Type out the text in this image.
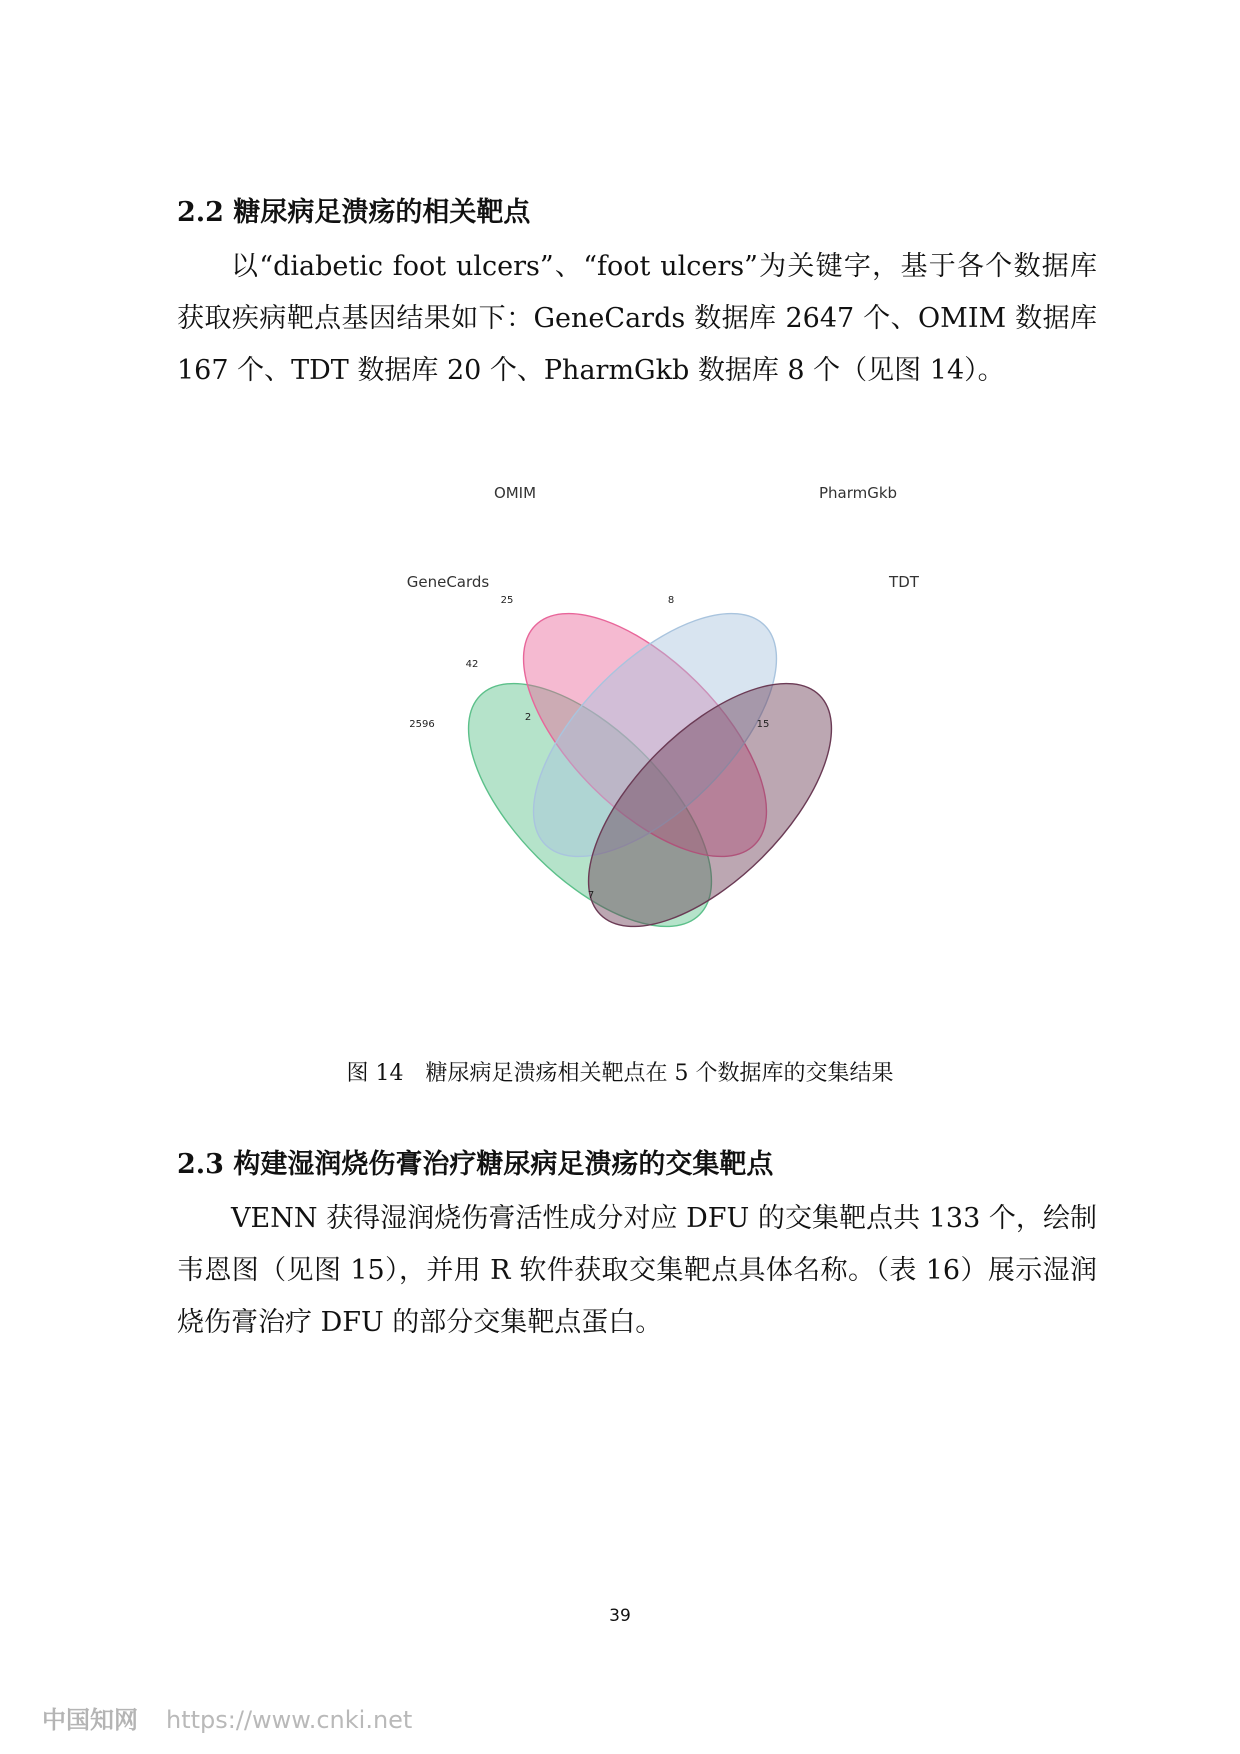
2.2 糖尿病足溃疡的相关靶点

以“diabetic foot ulcers”、“foot ulcers”为关键字，基于各个数据库获取疾病靶点基因结果如下：GeneCards 数据库 2647 个、OMIM 数据库 167 个、TDT 数据库 20 个、PharmGkb 数据库 8 个（见图 14）。

GeneCards
OMIM	PharmGkb
TDT
25	8
42
2596
2
15
7

图 14　糖尿病足溃疡相关靶点在 5 个数据库的交集结果

2.3 构建湿润烧伤膏治疗糖尿病足溃疡的交集靶点

VENN 获得湿润烧伤膏活性成分对应 DFU 的交集靶点共 133 个，绘制韦恩图（见图 15），并用 R 软件获取交集靶点具体名称。（表 16）展示湿润烧伤膏治疗 DFU 的部分交集靶点蛋白。

39

中国知网 https://www.cnki.net
